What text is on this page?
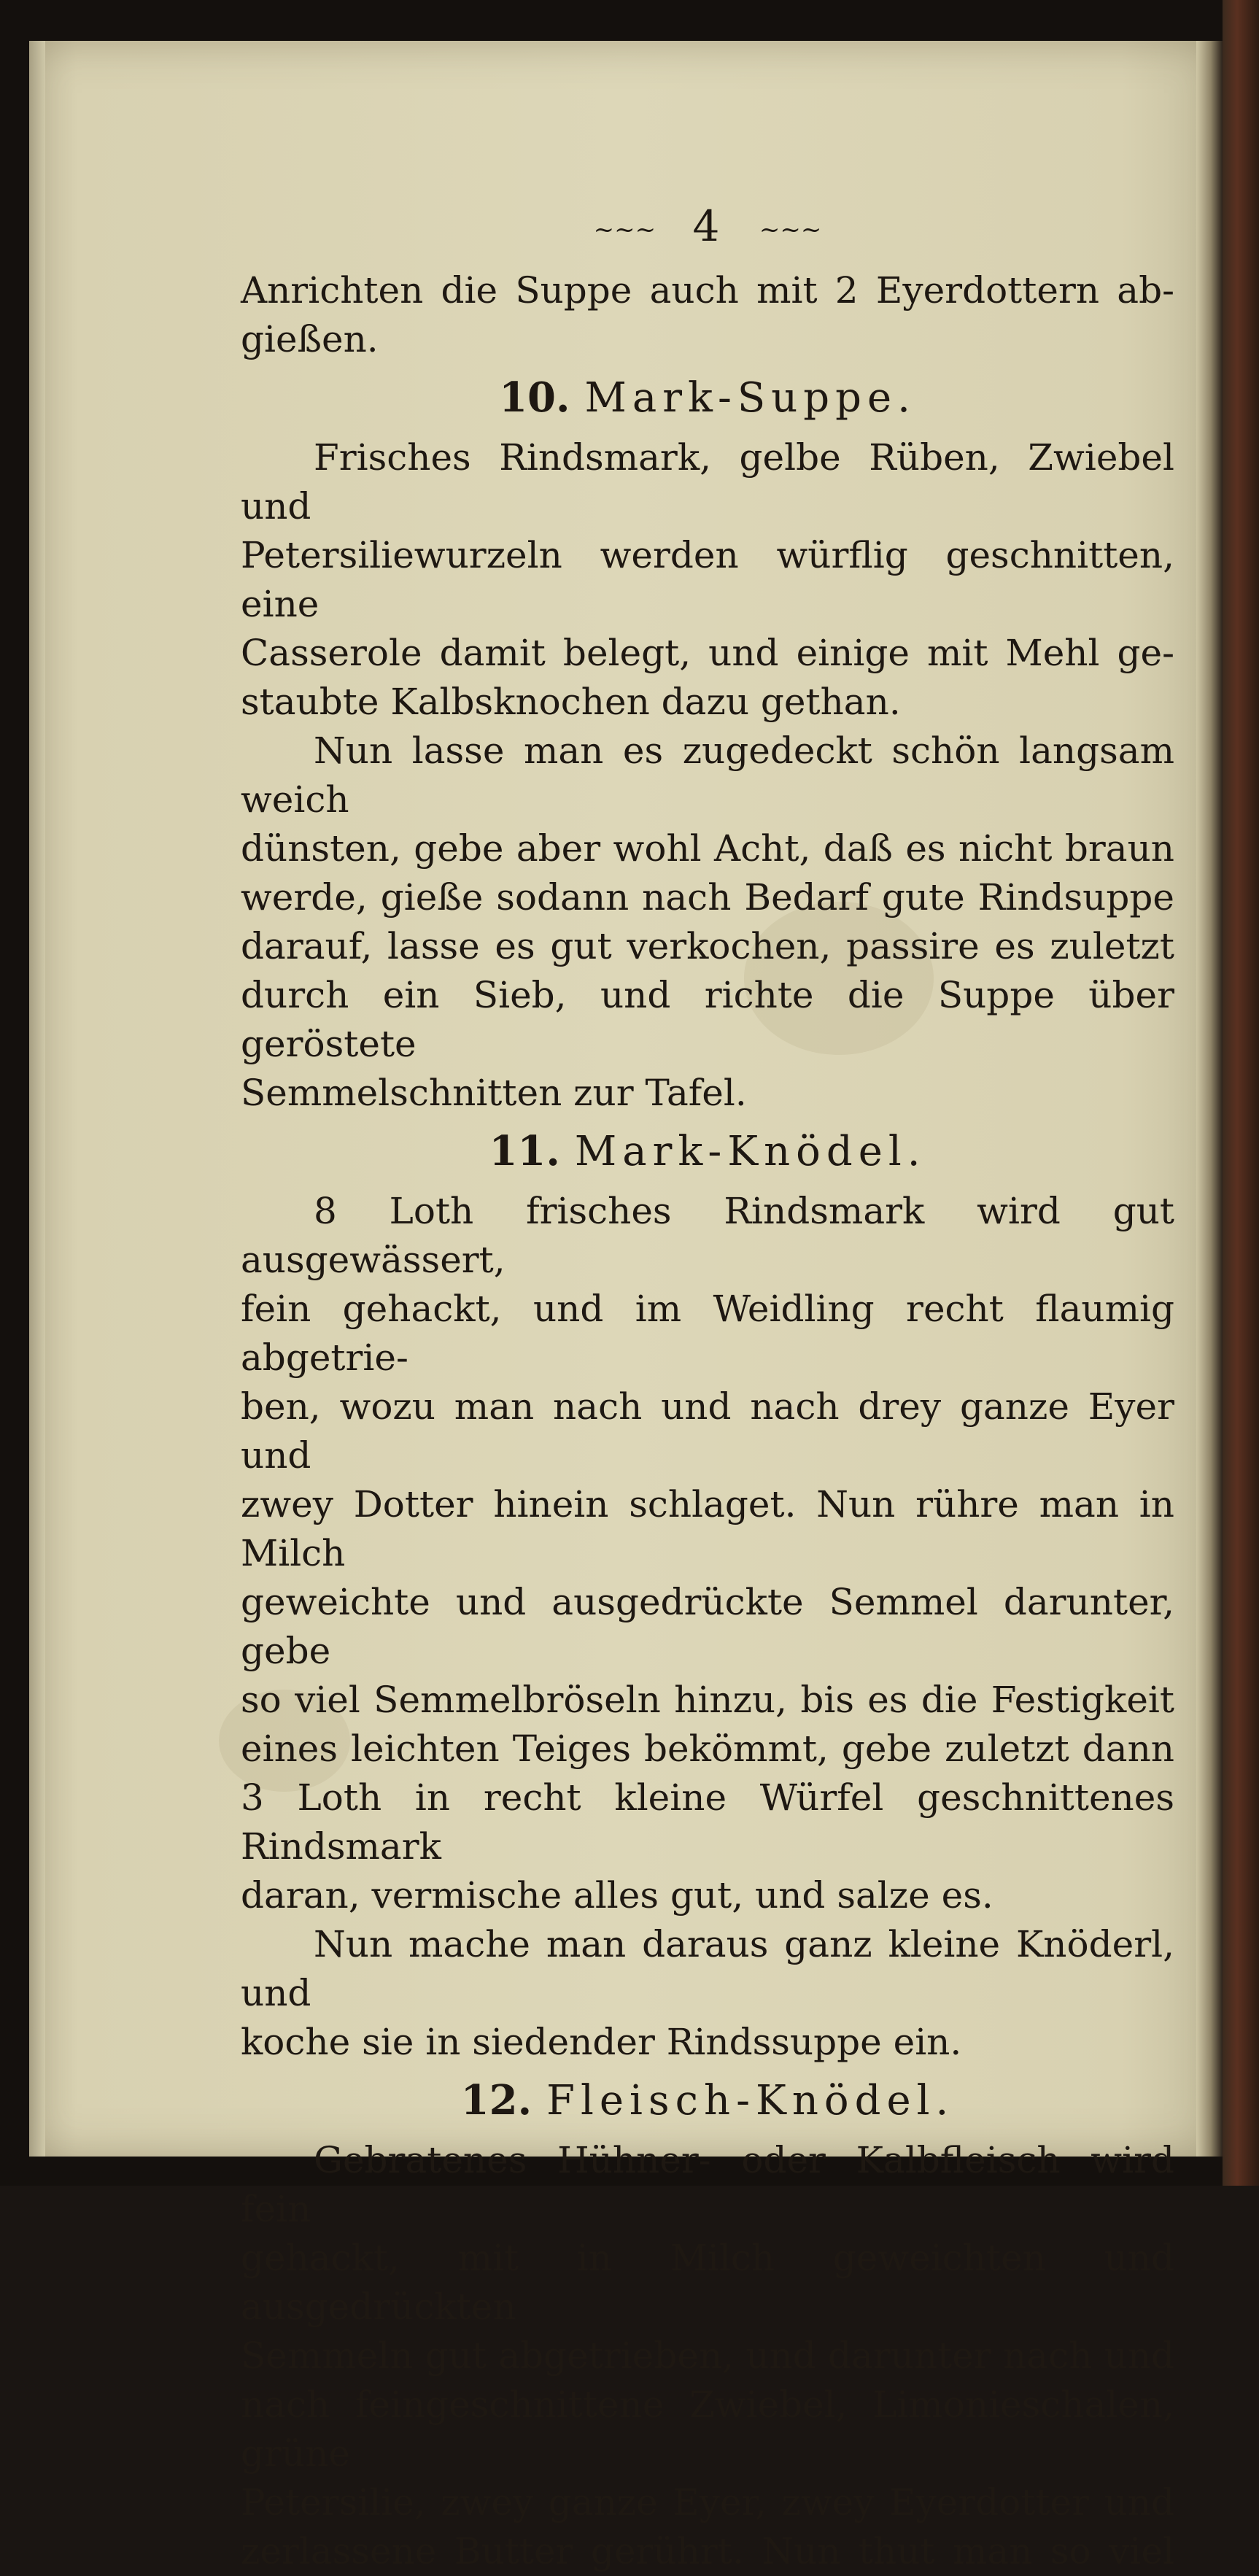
~~~ 4 ~~~

Anrichten die Suppe auch mit 2 Eyerdottern ab-
gießen.

10. Mark-Suppe.

Frisches Rindsmark, gelbe Rüben, Zwiebel und
Petersiliewurzeln werden würflig geschnitten, eine
Casserole damit belegt, und einige mit Mehl ge-
staubte Kalbsknochen dazu gethan.

Nun lasse man es zugedeckt schön langsam weich
dünsten, gebe aber wohl Acht, daß es nicht braun
werde, gieße sodann nach Bedarf gute Rindsuppe
darauf, lasse es gut verkochen, passire es zuletzt
durch ein Sieb, und richte die Suppe über geröstete
Semmelschnitten zur Tafel.

11. Mark-Knödel.

8 Loth frisches Rindsmark wird gut ausgewässert,
fein gehackt, und im Weidling recht flaumig abgetrie-
ben, wozu man nach und nach drey ganze Eyer und
zwey Dotter hinein schlaget. Nun rühre man in Milch
geweichte und ausgedrückte Semmel darunter, gebe
so viel Semmelbröseln hinzu, bis es die Festigkeit
eines leichten Teiges bekömmt, gebe zuletzt dann
3 Loth in recht kleine Würfel geschnittenes Rindsmark
daran, vermische alles gut, und salze es.

Nun mache man daraus ganz kleine Knöderl, und
koche sie in siedender Rindssuppe ein.

12. Fleisch-Knödel.

Gebratenes Hühner- oder Kalbfleisch wird fein
gehackt, mit in Milch geweichten und ausgedrückten
Semmeln gut abgetrieben, und darunter nach und
nach feingeschnittene Zwiebel, Limonieschalen, grüne
Petersilie, zwey ganze Eyer, zwey Eyerdotter und
zerlassene Butter gerührt. Nun thut man so viel
